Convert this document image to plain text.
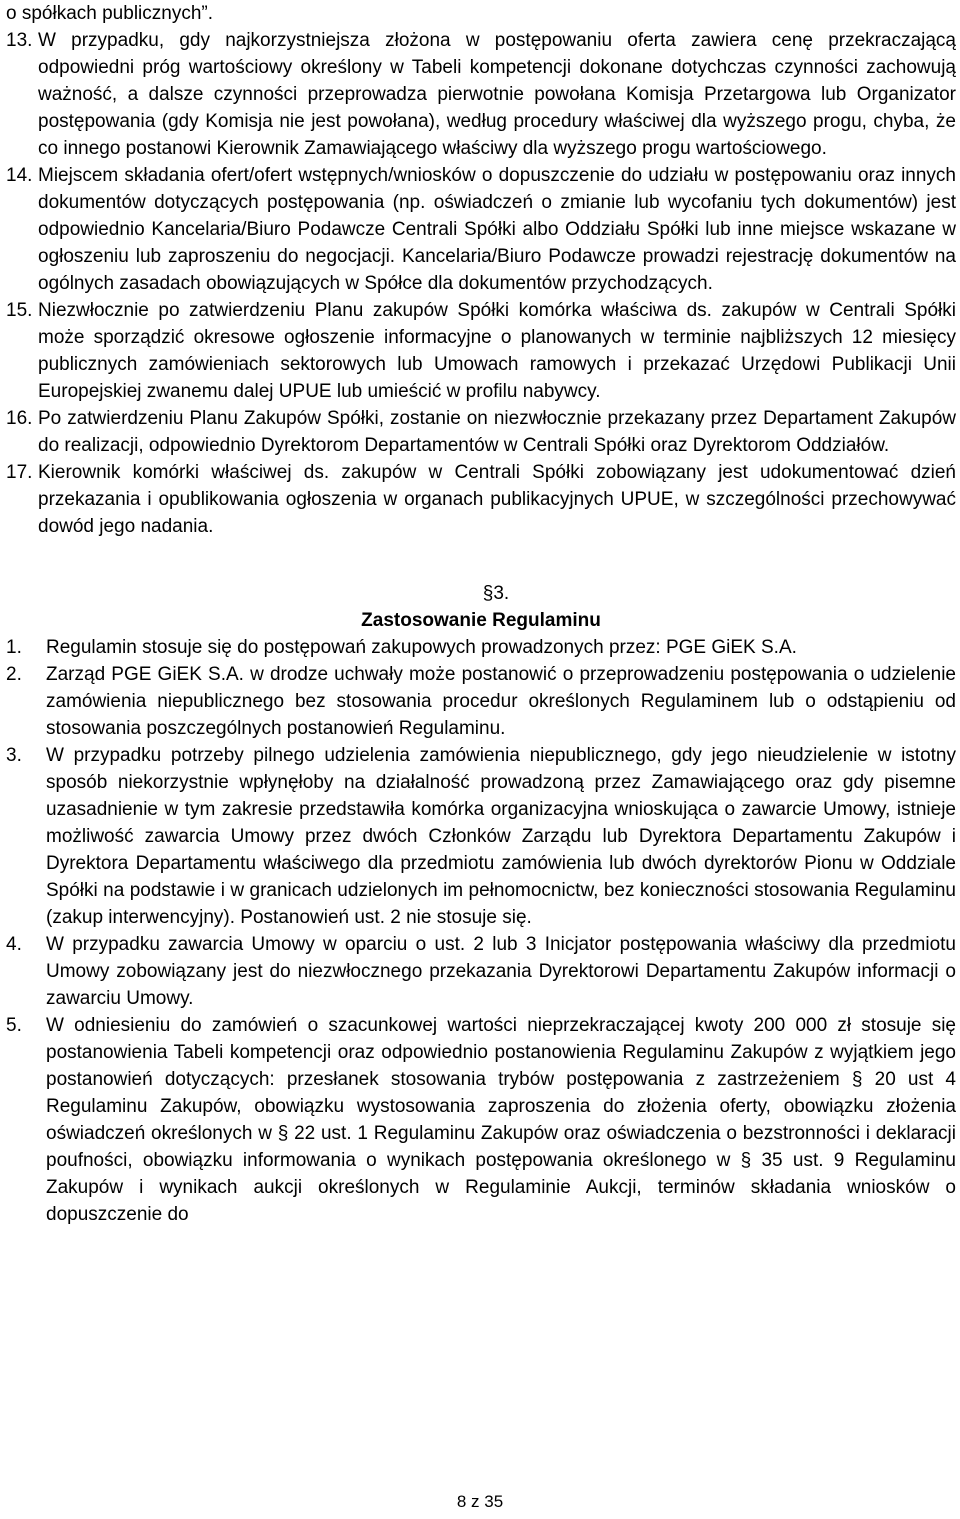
o spółkach publicznych”.

13. W przypadku, gdy najkorzystniejsza złożona w postępowaniu oferta zawiera cenę przekraczającą odpowiedni próg wartościowy określony w Tabeli kompetencji dokonane dotychczas czynności zachowują ważność, a dalsze czynności przeprowadza pierwotnie powołana Komisja Przetargowa lub Organizator postępowania (gdy Komisja nie jest powołana), według procedury właściwej dla wyższego progu, chyba, że co innego postanowi Kierownik Zamawiającego właściwy dla wyższego progu wartościowego.
14. Miejscem składania ofert/ofert wstępnych/wniosków o dopuszczenie do udziału w postępowaniu oraz innych dokumentów dotyczących postępowania (np. oświadczeń o zmianie lub wycofaniu tych dokumentów) jest odpowiednio Kancelaria/Biuro Podawcze Centrali Spółki albo Oddziału Spółki lub inne miejsce wskazane w ogłoszeniu lub zaproszeniu do negocjacji. Kancelaria/Biuro Podawcze prowadzi rejestrację dokumentów na ogólnych zasadach obowiązujących w Spółce dla dokumentów przychodzących.
15. Niezwłocznie po zatwierdzeniu Planu zakupów Spółki komórka właściwa ds. zakupów w Centrali Spółki może sporządzić okresowe ogłoszenie informacyjne o planowanych w terminie najbliższych 12 miesięcy publicznych zamówieniach sektorowych lub Umowach ramowych i przekazać Urzędowi Publikacji Unii Europejskiej zwanemu dalej UPUE lub umieścić w profilu nabywcy.
16. Po zatwierdzeniu Planu Zakupów Spółki, zostanie on niezwłocznie przekazany przez Departament Zakupów do realizacji, odpowiednio Dyrektorom Departamentów w Centrali Spółki oraz Dyrektorom Oddziałów.
17. Kierownik komórki właściwej ds. zakupów w Centrali Spółki zobowiązany jest udokumentować dzień przekazania i opublikowania ogłoszenia w organach publikacyjnych UPUE, w szczególności przechowywać dowód jego nadania.
§3.
Zastosowanie Regulaminu
1. Regulamin stosuje się do postępowań zakupowych prowadzonych przez: PGE GiEK S.A.
2. Zarząd PGE GiEK S.A. w drodze uchwały może postanowić o przeprowadzeniu postępowania o udzielenie zamówienia niepublicznego bez stosowania procedur określonych Regulaminem lub o odstąpieniu od stosowania poszczególnych postanowień Regulaminu.
3. W przypadku potrzeby pilnego udzielenia zamówienia niepublicznego, gdy jego nieudzielenie w istotny sposób niekorzystnie wpłynęłoby na działalność prowadzoną przez Zamawiającego oraz gdy pisemne uzasadnienie w tym zakresie przedstawiła komórka organizacyjna wnioskująca o zawarcie Umowy, istnieje możliwość zawarcia Umowy przez dwóch Członków Zarządu lub Dyrektora Departamentu Zakupów i Dyrektora Departamentu właściwego dla przedmiotu zamówienia lub dwóch dyrektorów Pionu w Oddziale Spółki na podstawie i w granicach udzielonych im pełnomocnictw, bez konieczności stosowania Regulaminu (zakup interwencyjny). Postanowień ust. 2 nie stosuje się.
4. W przypadku zawarcia Umowy w oparciu o ust. 2 lub 3 Inicjator postępowania właściwy dla przedmiotu Umowy zobowiązany jest do niezwłocznego przekazania Dyrektorowi Departamentu Zakupów informacji o zawarciu Umowy.
5. W odniesieniu do zamówień o szacunkowej wartości nieprzekraczającej kwoty 200 000 zł stosuje się postanowienia Tabeli kompetencji oraz odpowiednio postanowienia Regulaminu Zakupów z wyjątkiem jego postanowień dotyczących: przesłanek stosowania trybów postępowania z zastrzeżeniem § 20 ust 4 Regulaminu Zakupów, obowiązku wystosowania zaproszenia do złożenia oferty, obowiązku złożenia oświadczeń określonych w § 22 ust. 1 Regulaminu Zakupów oraz oświadczenia o bezstronności i deklaracji poufności, obowiązku informowania o wynikach postępowania określonego w § 35 ust. 9 Regulaminu Zakupów i wynikach aukcji określonych w Regulaminie Aukcji, terminów składania wniosków o dopuszczenie do
8 z 35
